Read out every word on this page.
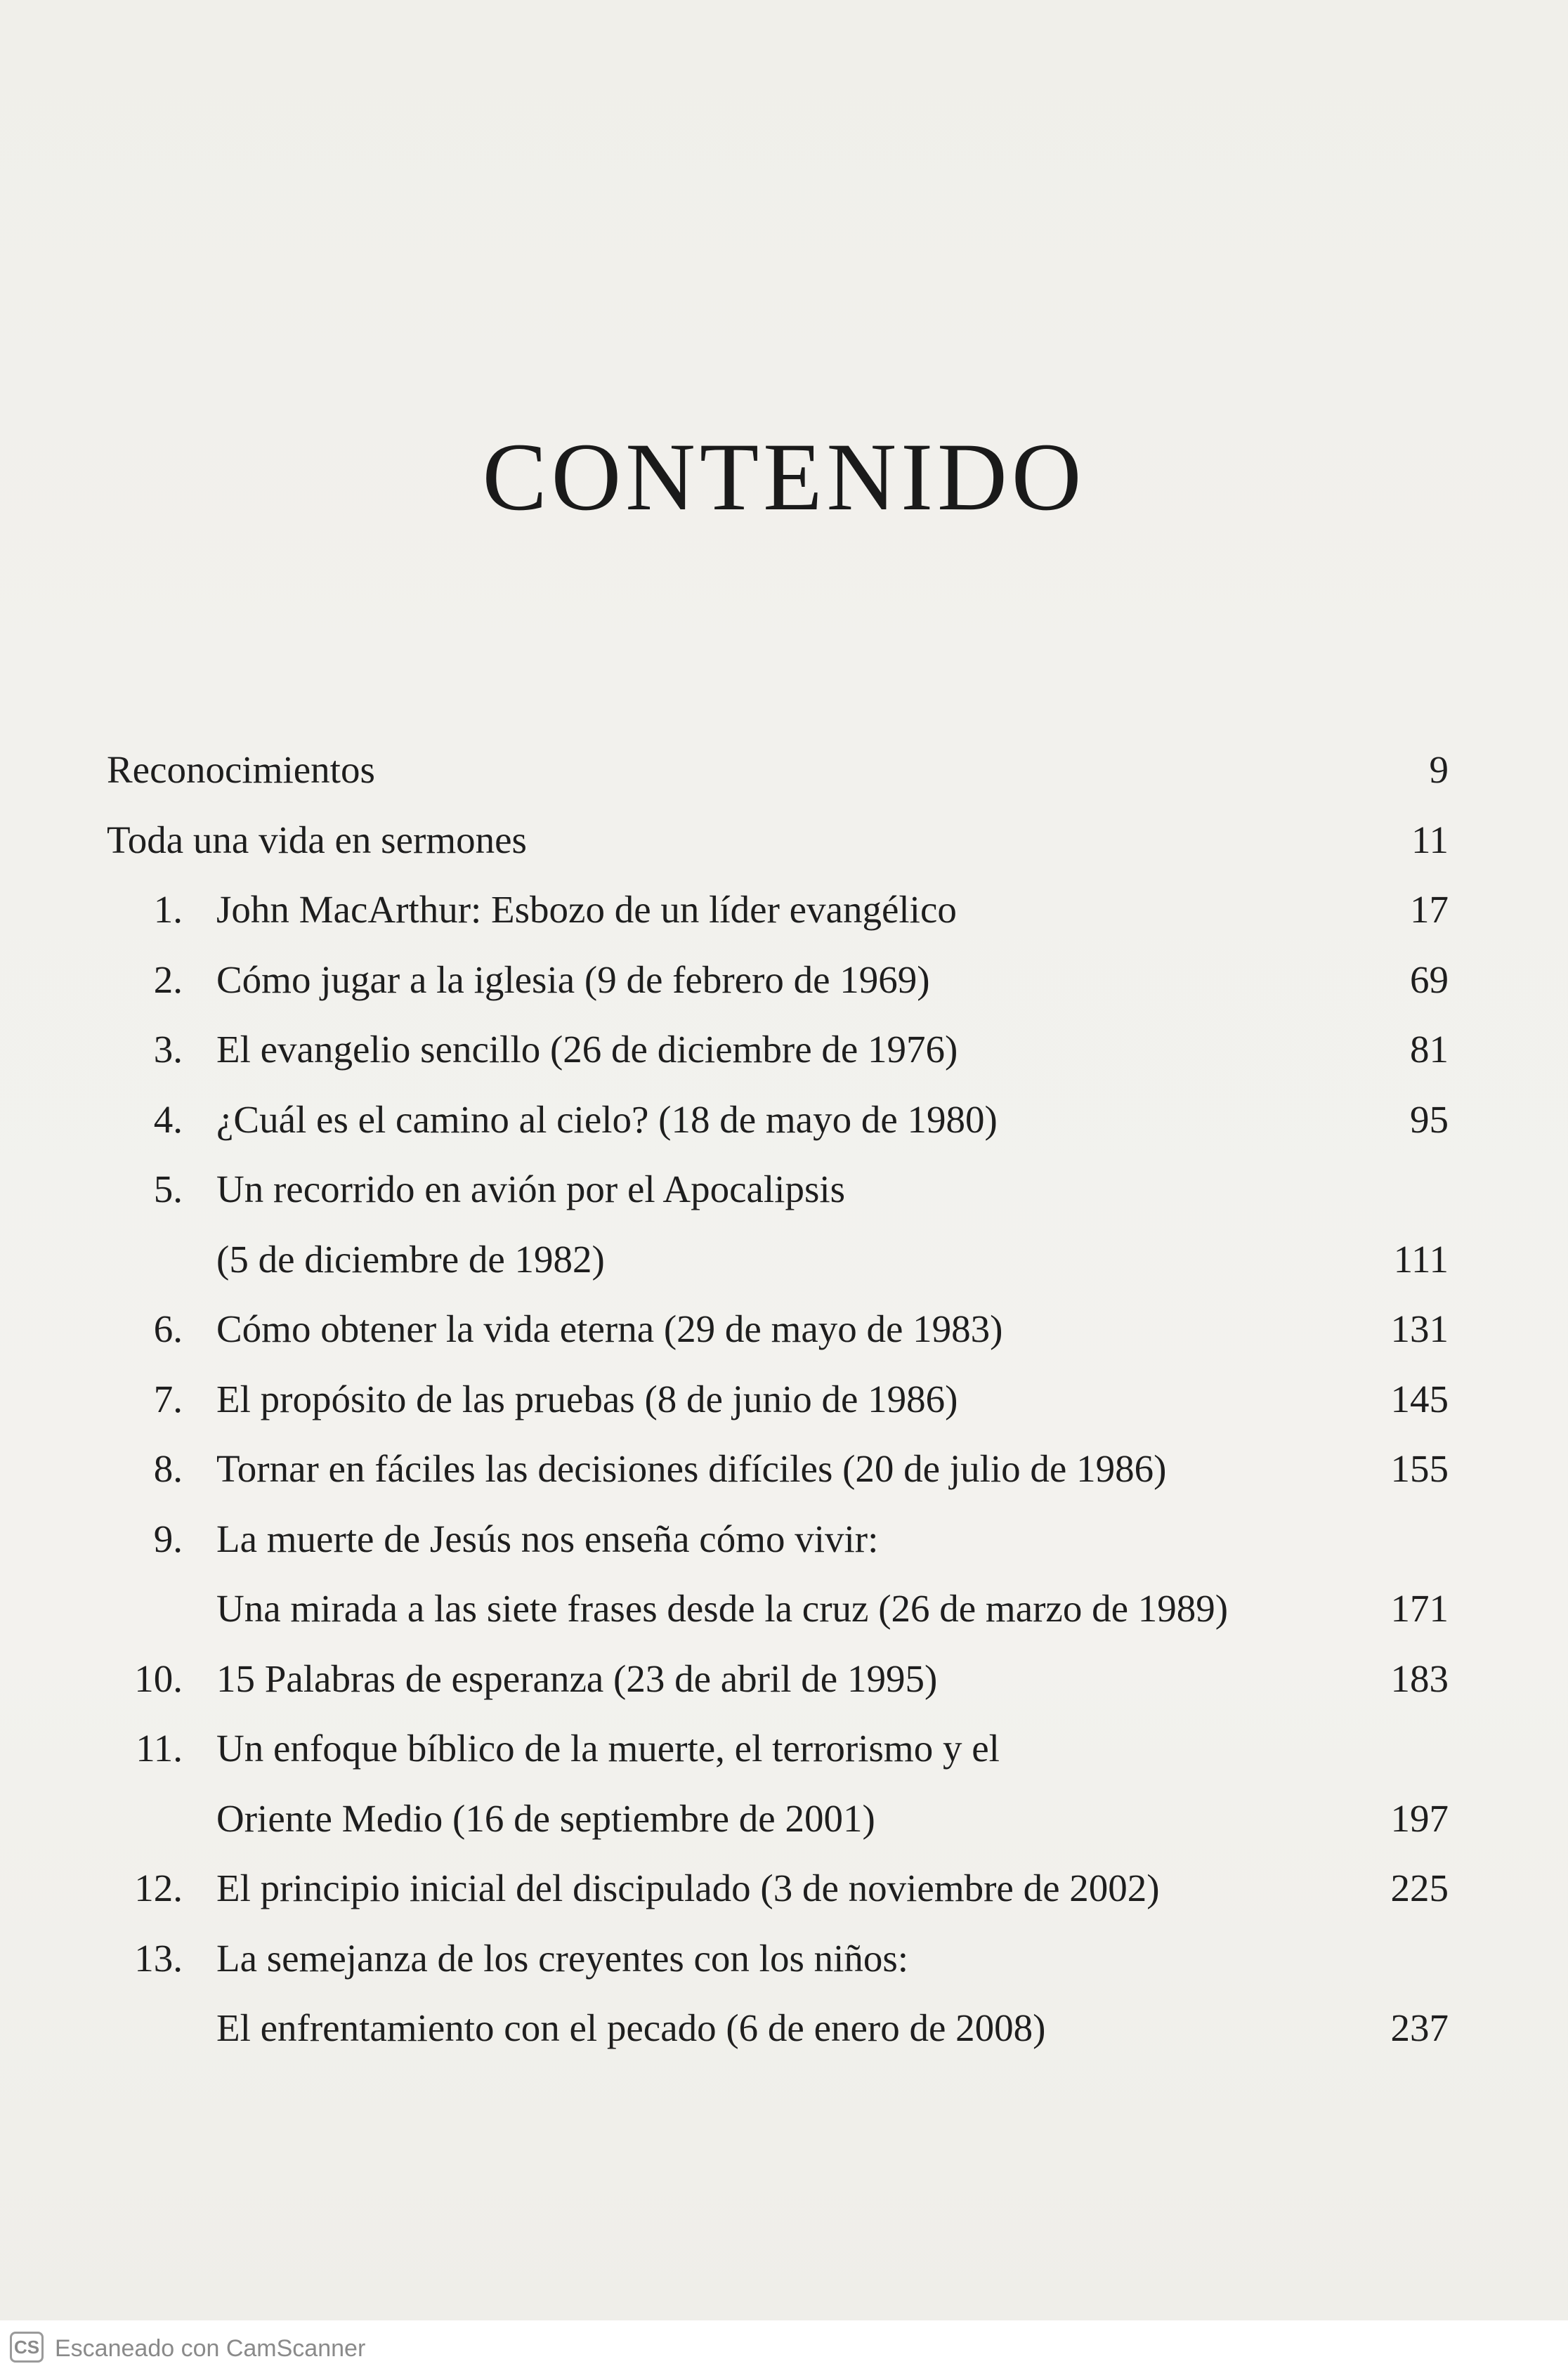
CONTENIDO
Reconocimientos	9
Toda una vida en sermones	11
1. John MacArthur: Esbozo de un líder evangélico	17
2. Cómo jugar a la iglesia (9 de febrero de 1969)	69
3. El evangelio sencillo (26 de diciembre de 1976)	81
4. ¿Cuál es el camino al cielo? (18 de mayo de 1980)	95
5. Un recorrido en avión por el Apocalipsis
(5 de diciembre de 1982)	111
6. Cómo obtener la vida eterna (29 de mayo de 1983)	131
7. El propósito de las pruebas (8 de junio de 1986)	145
8. Tornar en fáciles las decisiones difíciles (20 de julio de 1986)	155
9. La muerte de Jesús nos enseña cómo vivir:
Una mirada a las siete frases desde la cruz (26 de marzo de 1989)	171
10. 15 Palabras de esperanza (23 de abril de 1995)	183
11. Un enfoque bíblico de la muerte, el terrorismo y el
Oriente Medio (16 de septiembre de 2001)	197
12. El principio inicial del discipulado (3 de noviembre de 2002)	225
13. La semejanza de los creyentes con los niños:
El enfrentamiento con el pecado (6 de enero de 2008)	237
CS Escaneado con CamScanner
